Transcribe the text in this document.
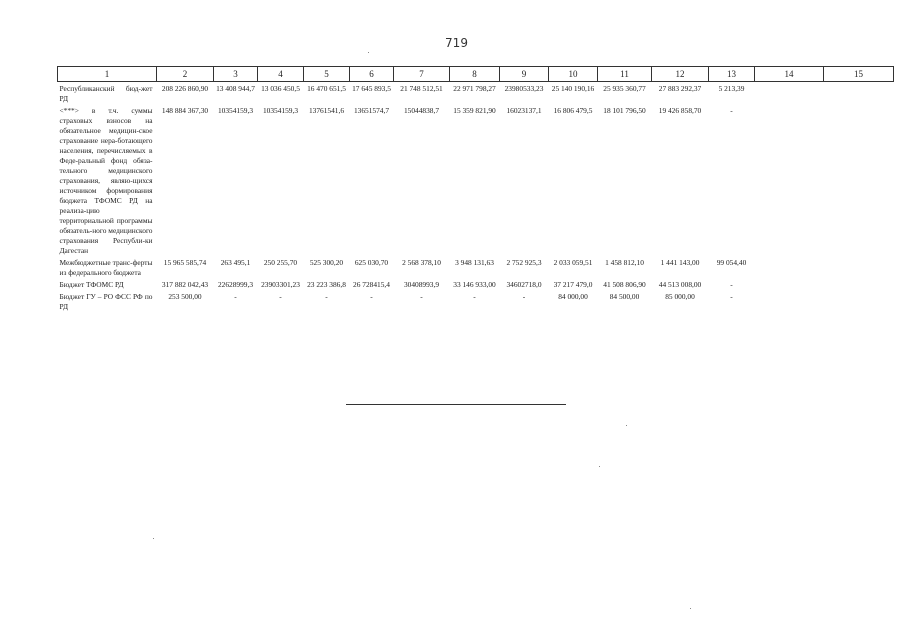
719
1	2	3	4	5	6	7	8	9	10	11	12	13	14	15
Республиканский бюд-жет РД	208 226 860,90	13 408 944,7	13 036 450,5	16 470 651,5	17 645 893,5	21 748 512,51	22 971 798,27	23980533,23	25 140 190,16	25 935 360,77	27 883 292,37	5 213,39		
<***> в т.ч. суммы страховых взносов на обязательное медицин-ское страхование нера-ботающего населения, перечисляемых в Феде-ральный фонд обяза-тельного медицинского страхования, являю-щихся источником формирования бюджета ТФОМС РД на реализа-цию территориальной программы обязатель-ного медицинского страхования Республи-ки Дагестан	148 884 367,30	10354159,3	10354159,3	13761541,6	13651574,7	15044838,7	15 359 821,90	16023137,1	16 806 479,5	18 101 796,50	19 426 858,70	-		
Межбюджетные транс-ферты из федерального бюджета	15 965 585,74	263 495,1	250 255,70	525 300,20	625 030,70	2 568 378,10	3 948 131,63	2 752 925,3	2 033 059,51	1 458 812,10	1 441 143,00	99 054,40		
Бюджет ТФОМС РД	317 882 042,43	22628999,3	23903301,23	23 223 386,8	26 728415,4	30408993,9	33 146 933,00	34602718,0	37 217 479,0	41 508 806,90	44 513 008,00	-		
Бюджет ГУ – РО ФСС РФ по РД	253 500,00	-	-	-	-	-	-	-	84 000,00	84 500,00	85 000,00	-		
